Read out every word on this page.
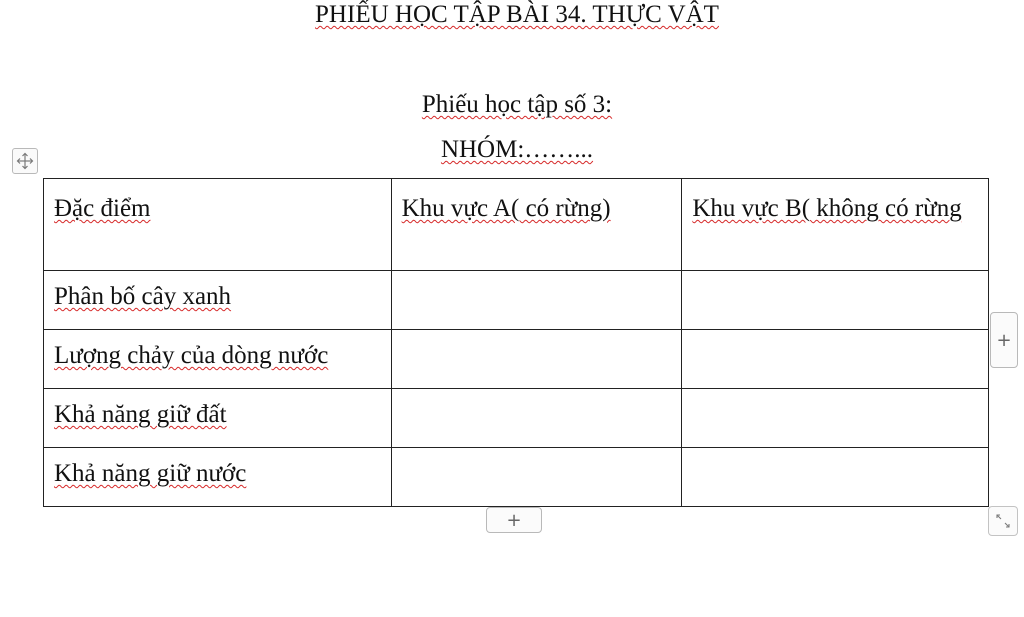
PHIẾU HỌC TẬP BÀI 34. THỰC VẬT
Phiếu học tập số 3:
NHÓM:……...
Đặc điểm	Khu vực A( có rừng)	Khu vực B( không có rừng
Phân bố cây xanh		
Lượng chảy của dòng nước		
Khả năng giữ đất		
Khả năng giữ nước		
+
+
